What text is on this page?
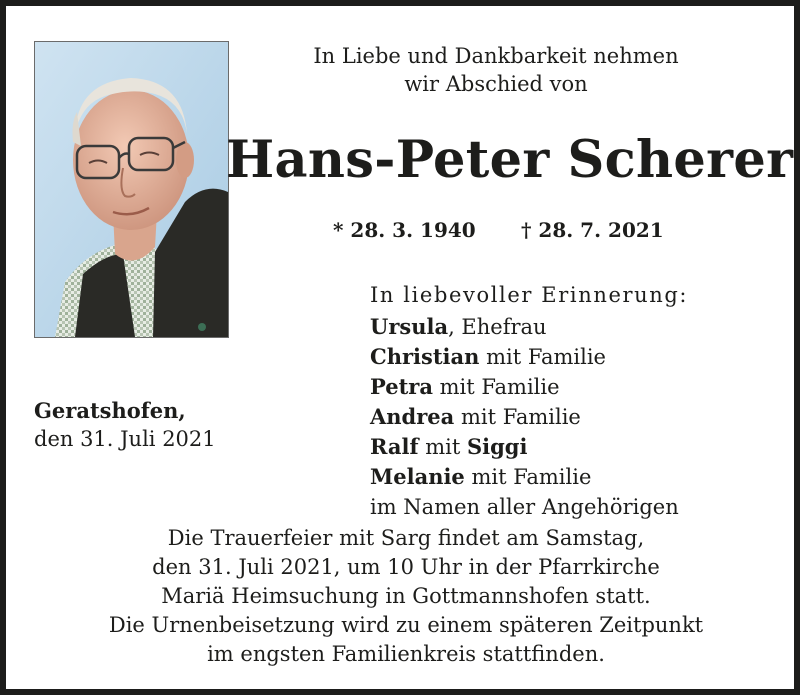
In Liebe und Dankbarkeit nehmen
wir Abschied von
Hans-Peter Scherer
* 28. 3. 1940 † 28. 7. 2021
In liebevoller Erinnerung:
Ursula, Ehefrau
Christian mit Familie
Petra mit Familie
Andrea mit Familie
Ralf mit Siggi
Melanie mit Familie
im Namen aller Angehörigen
Geratshofen,
den 31. Juli 2021
Die Trauerfeier mit Sarg findet am Samstag,
den 31. Juli 2021, um 10 Uhr in der Pfarrkirche
Mariä Heimsuchung in Gottmannshofen statt.
Die Urnenbeisetzung wird zu einem späteren Zeitpunkt
im engsten Familienkreis stattfinden.
